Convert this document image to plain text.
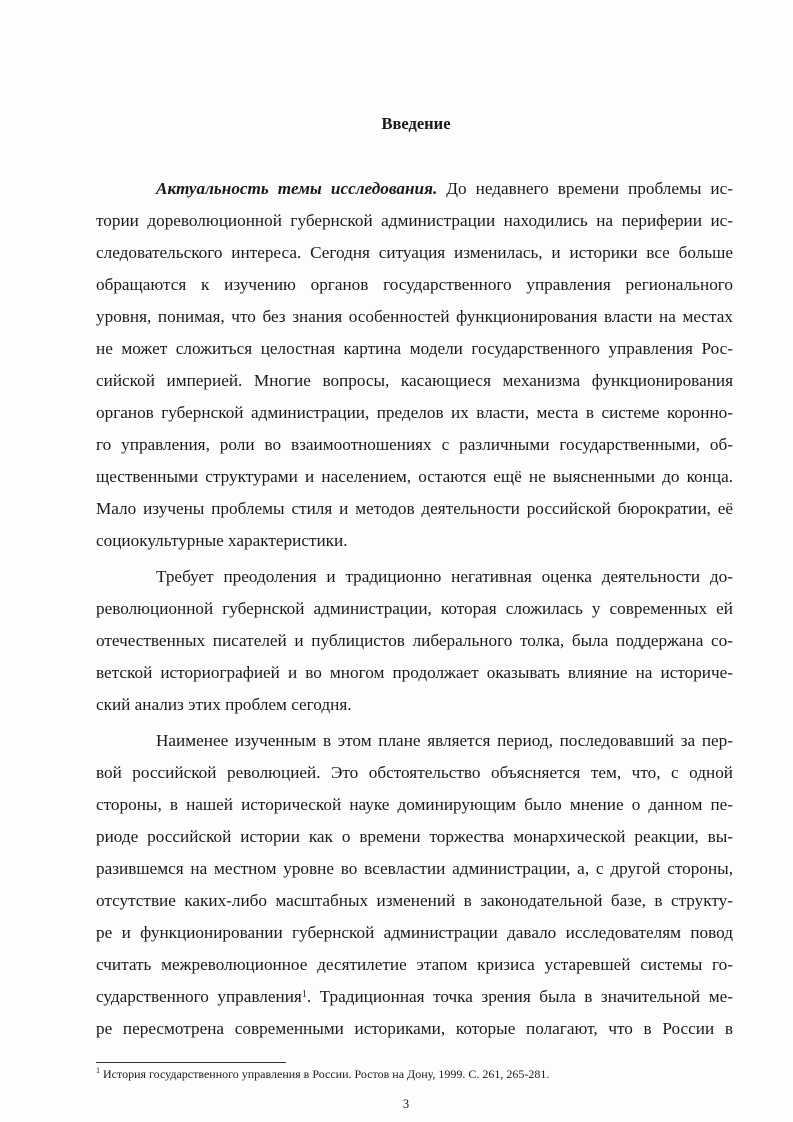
Введение
Актуальность темы исследования. До недавнего времени проблемы ис-
тории дореволюционной губернской администрации находились на периферии ис-
следовательского интереса. Сегодня ситуация изменилась, и историки все больше
обращаются к изучению органов государственного управления регионального
уровня, понимая, что без знания особенностей функционирования власти на местах
не может сложиться целостная картина модели государственного управления Рос-
сийской империей. Многие вопросы, касающиеся механизма функционирования
органов губернской администрации, пределов их власти, места в системе коронно-
го управления, роли во взаимоотношениях с различными государственными, об-
щественными структурами и населением, остаются ещё не выясненными до конца.
Мало изучены проблемы стиля и методов деятельности российской бюрократии, её
социокультурные характеристики.
Требует преодоления и традиционно негативная оценка деятельности до-
революционной губернской администрации, которая сложилась у современных ей
отечественных писателей и публицистов либерального толка, была поддержана со-
ветской историографией и во многом продолжает оказывать влияние на историче-
ский анализ этих проблем сегодня.
Наименее изученным в этом плане является период, последовавший за пер-
вой российской революцией. Это обстоятельство объясняется тем, что, с одной
стороны, в нашей исторической науке доминирующим было мнение о данном пе-
риоде российской истории как о времени торжества монархической реакции, вы-
разившемся на местном уровне во всевластии администрации, а, с другой стороны,
отсутствие каких-либо масштабных изменений в законодательной базе, в структу-
ре и функционировании губернской администрации давало исследователям повод
считать межреволюционное десятилетие этапом кризиса устаревшей системы го-
сударственного управления$^1$. Традиционная точка зрения была в значительной ме-
ре пересмотрена современными историками, которые полагают, что в России в
$^1$ История государственного управления в России. Ростов на Дону, 1999. С. 261, 265-281.
3
